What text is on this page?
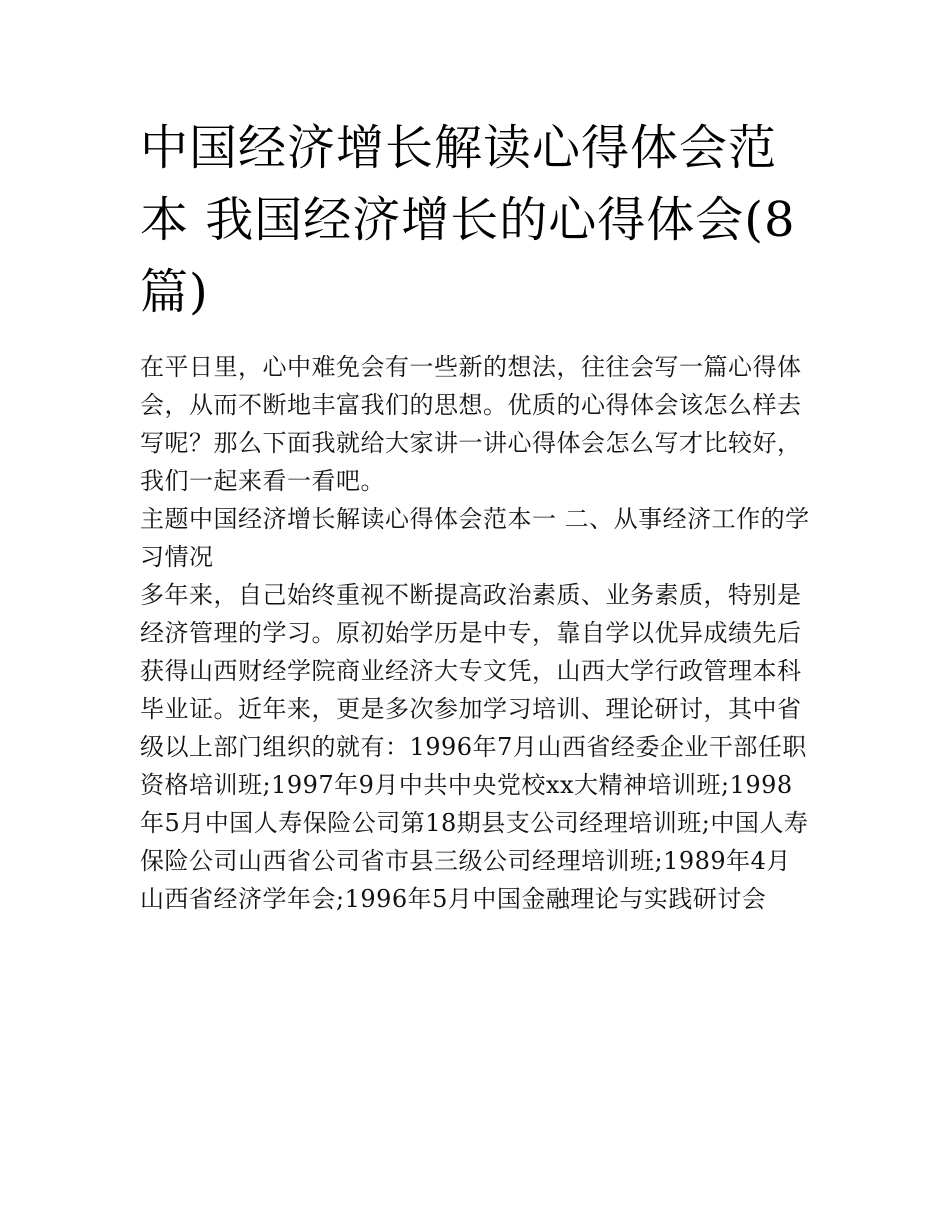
中国经济增长解读心得体会范本 我国经济增长的心得体会(8篇)

在平日里，心中难免会有一些新的想法，往往会写一篇心得体会，从而不断地丰富我们的思想。优质的心得体会该怎么样去写呢？那么下面我就给大家讲一讲心得体会怎么写才比较好，我们一起来看一看吧。

主题中国经济增长解读心得体会范本一 二、从事经济工作的学习情况

多年来，自己始终重视不断提高政治素质、业务素质，特别是经济管理的学习。原初始学历是中专，靠自学以优异成绩先后获得山西财经学院商业经济大专文凭，山西大学行政管理本科毕业证。近年来，更是多次参加学习培训、理论研讨，其中省级以上部门组织的就有：1996年7月山西省经委企业干部任职资格培训班;1997年9月中共中央党校xx大精神培训班;1998年5月中国人寿保险公司第18期县支公司经理培训班;中国人寿保险公司山西省公司省市县三级公司经理培训班;1989年4月山西省经济学年会;1996年5月中国金融理论与实践研讨会
